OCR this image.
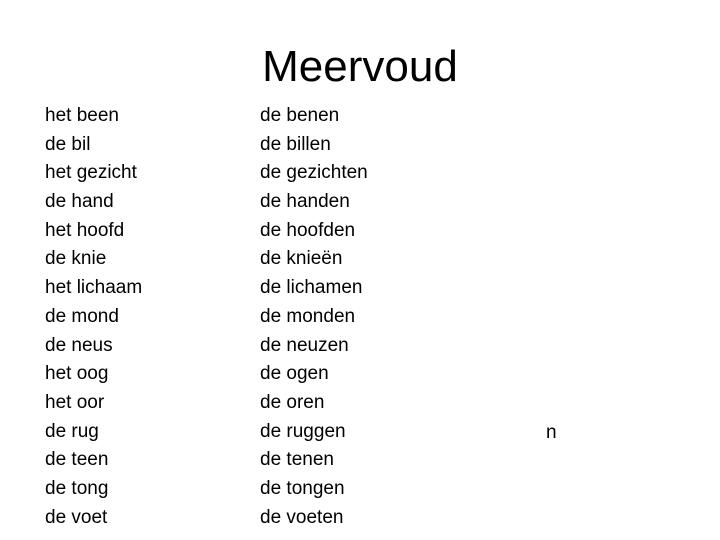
Meervoud
het been
de bil
het gezicht
de hand
het hoofd
de knie
het lichaam
de mond
de neus
het oog
het oor
de rug
de teen
de tong
de voet
de benen
de billen
de gezichten
de handen
de hoofden
de knieën
de lichamen
de monden
de neuzen
de ogen
de oren
de ruggen
de tenen
de tongen
de voeten
n
